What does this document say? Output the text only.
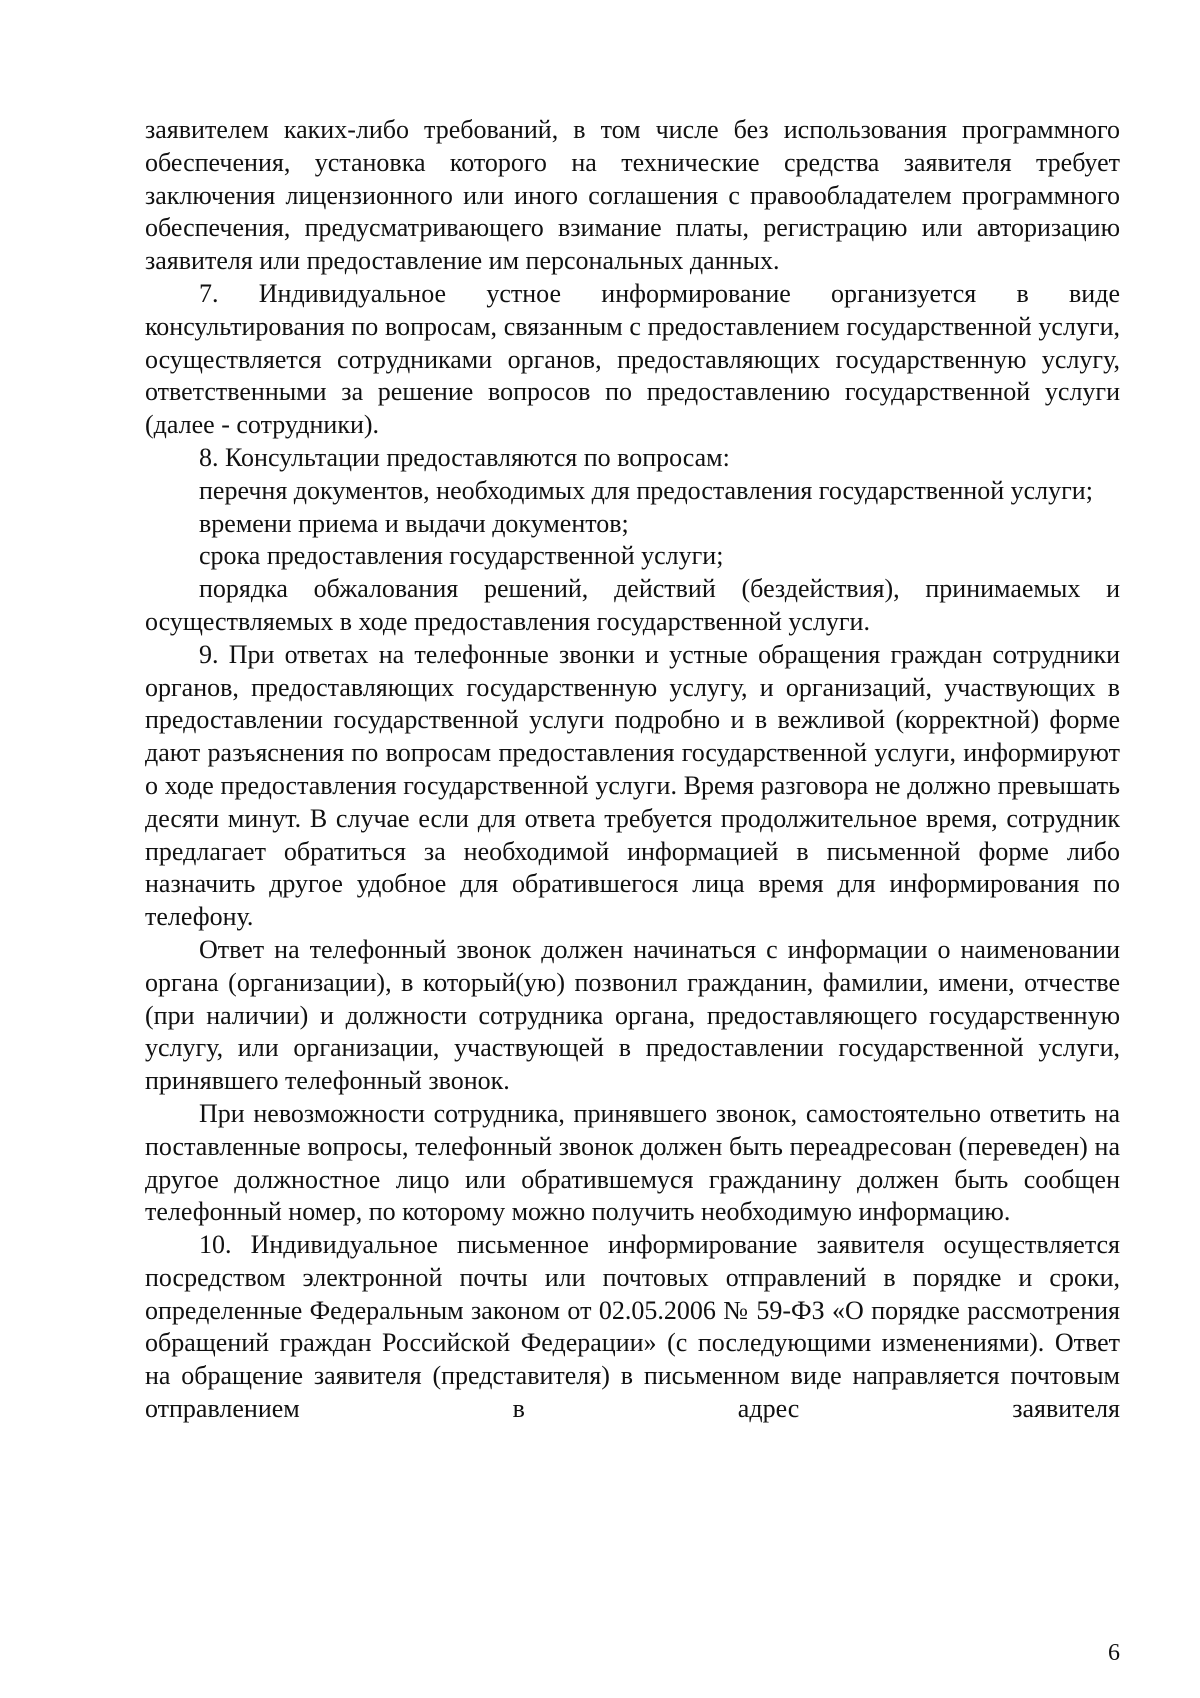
заявителем каких-либо требований, в том числе без использования программного обеспечения, установка которого на технические средства заявителя требует заключения лицензионного или иного соглашения с правообладателем программного обеспечения, предусматривающего взимание платы, регистрацию или авторизацию заявителя или предоставление им персональных данных.

7. Индивидуальное устное информирование организуется в виде консультирования по вопросам, связанным с предоставлением государственной услуги, осуществляется сотрудниками органов, предоставляющих государственную услугу, ответственными за решение вопросов по предоставлению государственной услуги (далее - сотрудники).

8. Консультации предоставляются по вопросам:

перечня документов, необходимых для предоставления государственной услуги;

времени приема и выдачи документов;

срока предоставления государственной услуги;

порядка обжалования решений, действий (бездействия), принимаемых и осуществляемых в ходе предоставления государственной услуги.

9. При ответах на телефонные звонки и устные обращения граждан сотрудники органов, предоставляющих государственную услугу, и организаций, участвующих в предоставлении государственной услуги подробно и в вежливой (корректной) форме дают разъяснения по вопросам предоставления государственной услуги, информируют о ходе предоставления государственной услуги. Время разговора не должно превышать десяти минут. В случае если для ответа требуется продолжительное время, сотрудник предлагает обратиться за необходимой информацией в письменной форме либо назначить другое удобное для обратившегося лица время для информирования по телефону.

Ответ на телефонный звонок должен начинаться с информации о наименовании органа (организации), в который(ую) позвонил гражданин, фамилии, имени, отчестве (при наличии) и должности сотрудника органа, предоставляющего государственную услугу, или организации, участвующей в предоставлении государственной услуги, принявшего телефонный звонок.

При невозможности сотрудника, принявшего звонок, самостоятельно ответить на поставленные вопросы, телефонный звонок должен быть переадресован (переведен) на другое должностное лицо или обратившемуся гражданину должен быть сообщен телефонный номер, по которому можно получить необходимую информацию.

10. Индивидуальное письменное информирование заявителя осуществляется посредством электронной почты или почтовых отправлений в порядке и сроки, определенные Федеральным законом от 02.05.2006 № 59-ФЗ «О порядке рассмотрения обращений граждан Российской Федерации» (с последующими изменениями). Ответ на обращение заявителя (представителя) в письменном виде направляется почтовым отправлением в адрес заявителя

6
